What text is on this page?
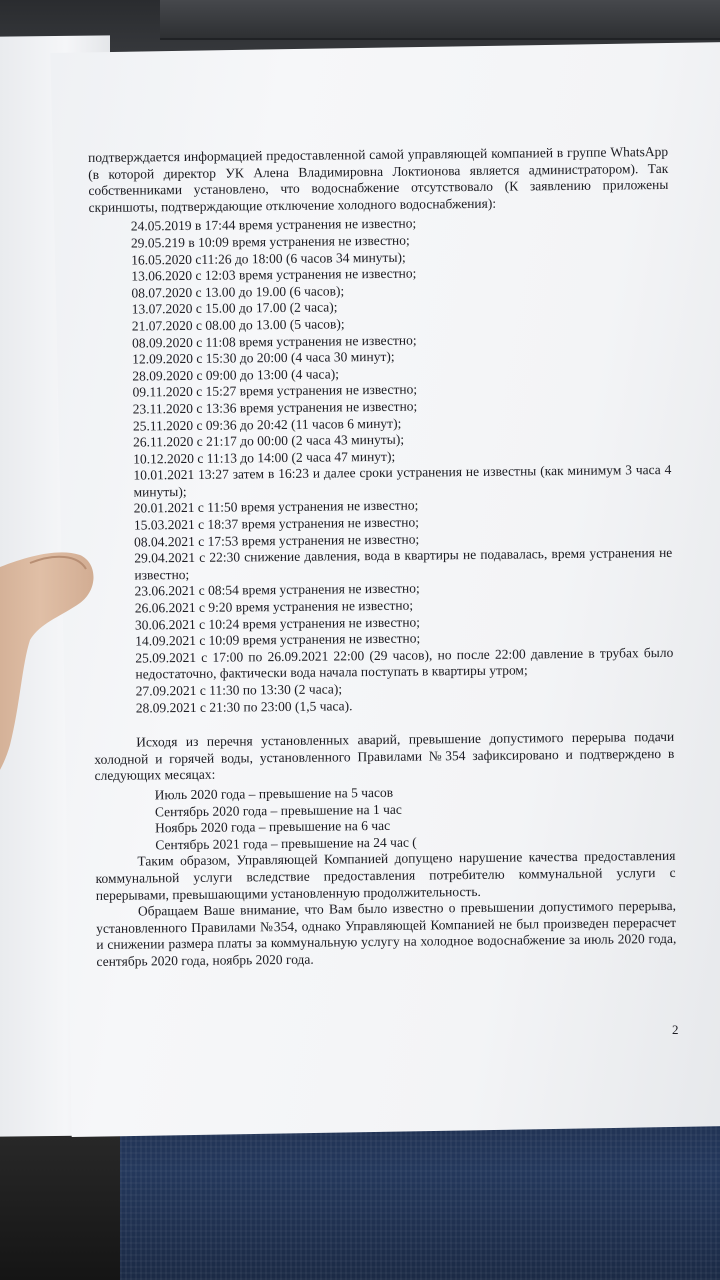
подтверждается информацией предоставленной самой управляющей компанией в группе WhatsApp (в которой директор УК Алена Владимировна Локтионова является администратором). Так собственниками установлено, что водоснабжение отсутствовало (К заявлению приложены скриншоты, подтверждающие отключение холодного водоснабжения):

24.05.2019 в 17:44 время устранения не известно;
29.05.219 в 10:09 время устранения не известно;
16.05.2020 с11:26 до 18:00 (6 часов 34 минуты);
13.06.2020 с 12:03 время устранения не известно;
08.07.2020 с 13.00 до 19.00 (6 часов);
13.07.2020 с 15.00 до 17.00 (2 часа);
21.07.2020 с 08.00 до 13.00 (5 часов);
08.09.2020 с 11:08 время устранения не известно;
12.09.2020 с 15:30 до 20:00 (4 часа 30 минут);
28.09.2020 с 09:00 до 13:00 (4 часа);
09.11.2020 с 15:27 время устранения не известно;
23.11.2020 с 13:36 время устранения не известно;
25.11.2020 с 09:36 до 20:42 (11 часов 6 минут);
26.11.2020 с 21:17 до 00:00 (2 часа 43 минуты);
10.12.2020 с 11:13 до 14:00 (2 часа 47 минут);
10.01.2021 13:27 затем в 16:23 и далее сроки устранения не известны (как минимум 3 часа 4 минуты);
20.01.2021 с 11:50 время устранения не известно;
15.03.2021 с 18:37 время устранения не известно;
08.04.2021 с 17:53 время устранения не известно;
29.04.2021 с 22:30 снижение давления, вода в квартиры не подавалась, время устранения не известно;
23.06.2021 с 08:54 время устранения не известно;
26.06.2021 с 9:20 время устранения не известно;
30.06.2021 с 10:24 время устранения не известно;
14.09.2021 с 10:09 время устранения не известно;
25.09.2021 с 17:00 по 26.09.2021 22:00 (29 часов), но после 22:00 давление в трубах было недостаточно, фактически вода начала поступать в квартиры утром;
27.09.2021 с 11:30 по 13:30 (2 часа);
28.09.2021 с 21:30 по 23:00 (1,5 часа).

Исходя из перечня установленных аварий, превышение допустимого перерыва подачи холодной и горячей воды, установленного Правилами №354 зафиксировано и подтверждено в следующих месяцах:

Июль 2020 года – превышение на 5 часов
Сентябрь 2020 года – превышение на 1 час
Ноябрь 2020 года – превышение на 6 час
Сентябрь 2021 года – превышение на 24 час (

Таким образом, Управляющей Компанией допущено нарушение качества предоставления коммунальной услуги вследствие предоставления потребителю коммунальной услуги с перерывами, превышающими установленную продолжительность.

Обращаем Ваше внимание, что Вам было известно о превышении допустимого перерыва, установленного Правилами №354, однако Управляющей Компанией не был произведен перерасчет и снижении размера платы за коммунальную услугу на холодное водоснабжение за июль 2020 года, сентябрь 2020 года, ноябрь 2020 года.

2
